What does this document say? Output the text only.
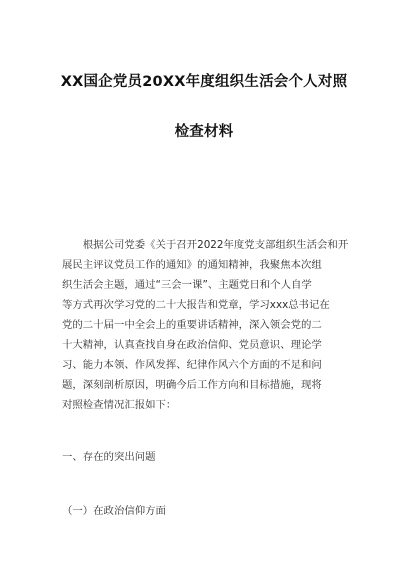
XX国企党员20XX年度组织生活会个人对照
检查材料
　　根据公司党委《关于召开2022年度党支部组织生活会和开
展民主评议党员工作的通知》的通知精神，我聚焦本次组
织生活会主题，通过“三会一课”、主题党日和个人自学
等方式再次学习党的二十大报告和党章，学习xxx总书记在
党的二十届一中全会上的重要讲话精神，深入领会党的二
十大精神，认真查找自身在政治信仰、党员意识、理论学
习、能力本领、作风发挥、纪律作风六个方面的不足和问
题，深刻剖析原因，明确今后工作方向和目标措施，现将
对照检查情况汇报如下：
一、存在的突出问题
（一）在政治信仰方面
